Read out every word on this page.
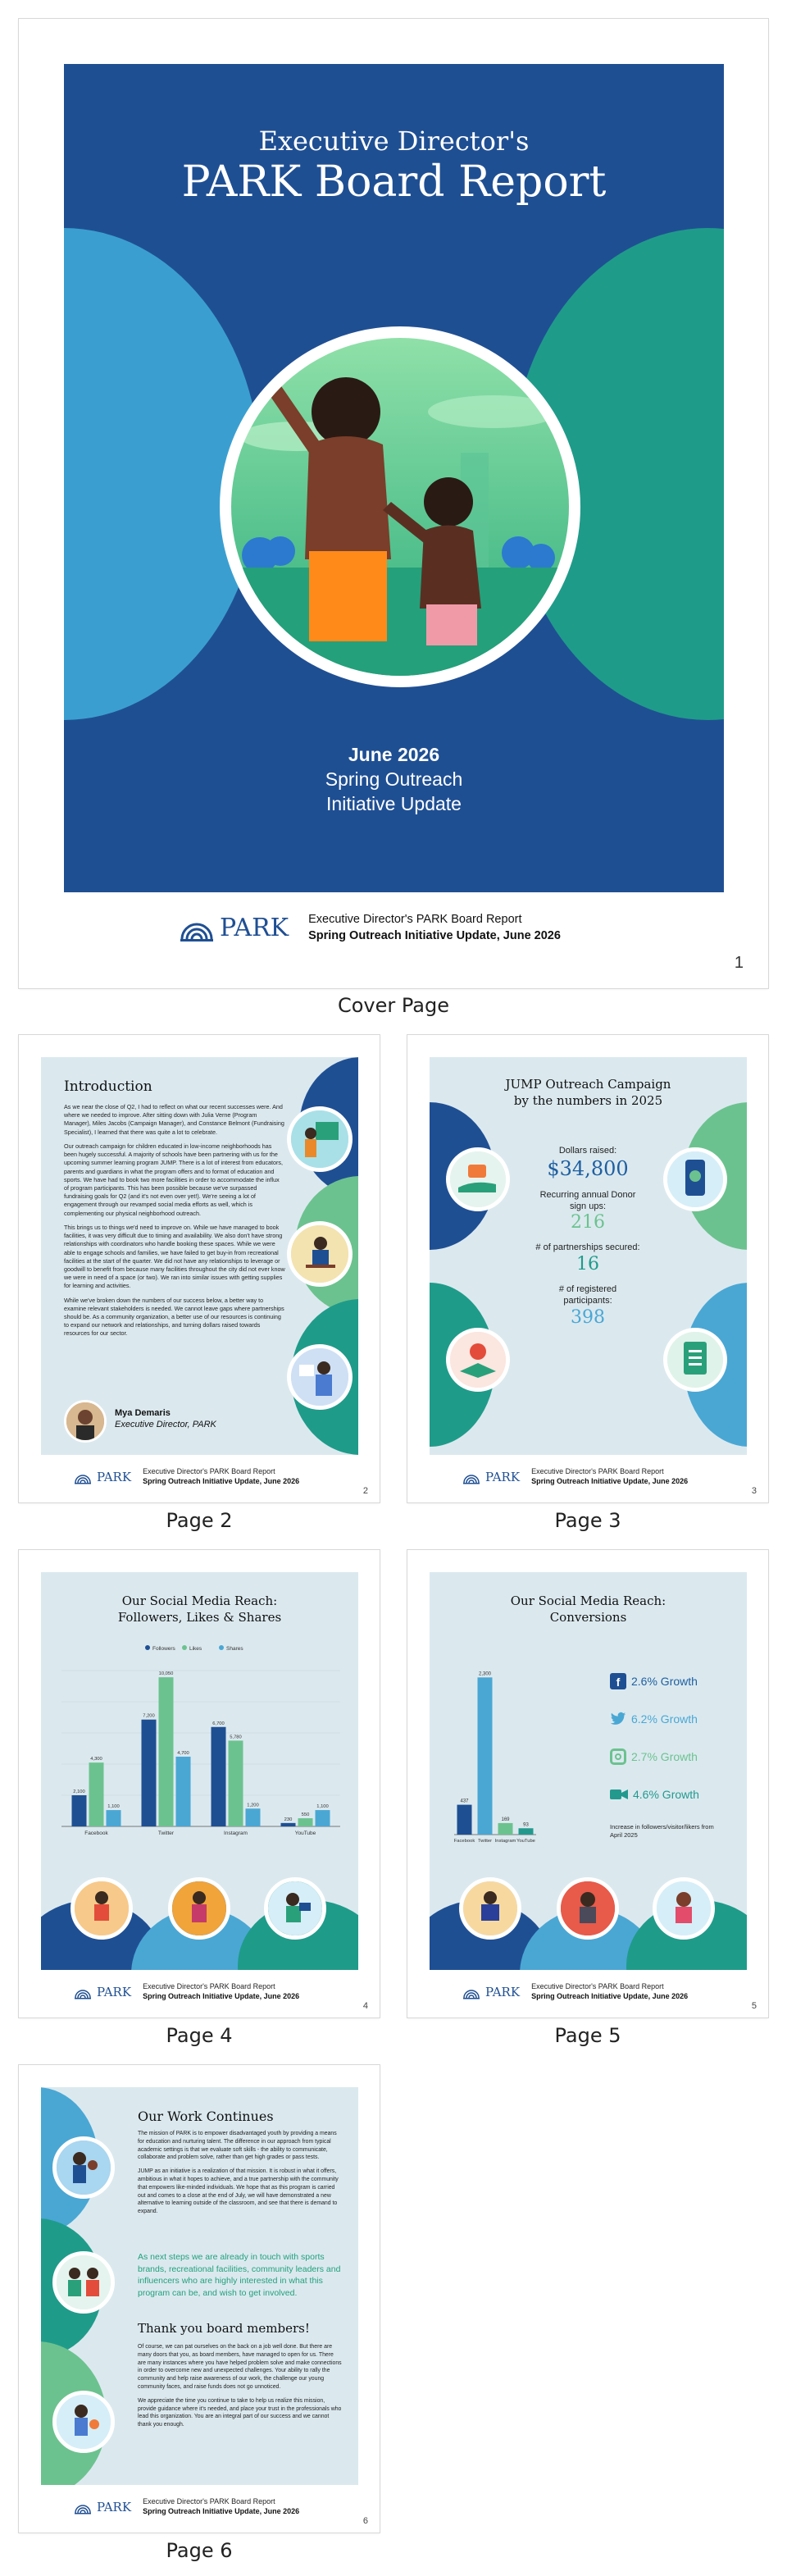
Executive Director's
PARK Board Report
June 2026
Spring Outreach
Initiative Update
PARK Executive Director's PARK Board Report
Spring Outreach Initiative Update, June 2026
1
Cover Page
Introduction

As we near the close of Q2, I had to reflect on what our recent successes were. And where we needed to improve. After sitting down with Julia Verne (Program Manager), Miles Jacobs (Campaign Manager), and Constance Belmont (Fundraising Specialist), I learned that there was quite a lot to celebrate.

Our outreach campaign for children educated in low-income neighborhoods has been hugely successful. A majority of schools have been partnering with us for the upcoming summer learning program JUMP. There is a lot of interest from educators, parents and guardians in what the program offers and to format of education and sports. We have had to book two more facilities in order to accommodate the influx of program participants. This has been possible because we've surpassed fundraising goals for Q2 (and it's not even over yet!). We're seeing a lot of engagement through our revamped social media efforts as well, which is complementing our physical neighborhood outreach.

This brings us to things we'd need to improve on. While we have managed to book facilities, it was very difficult due to timing and availability. We also don't have strong relationships with coordinators who handle booking these spaces. While we were able to engage schools and families, we have failed to get buy-in from recreational facilities at the start of the quarter. We did not have any relationships to leverage or goodwill to benefit from because many facilities throughout the city did not ever know we were in need of a space (or two). We ran into similar issues with getting supplies for learning and activities.

While we've broken down the numbers of our success below, a better way to examine relevant stakeholders is needed. We cannot leave gaps where partnerships should be. As a community organization, a better use of our resources is continuing to expand our network and relationships, and turning dollars raised towards resources for our sector.

Mya Demaris
Executive Director, PARK
PARK Executive Director's PARK Board Report
Spring Outreach Initiative Update, June 2026
2
Page 2
JUMP Outreach Campaign
by the numbers in 2025
Dollars raised:
$34,800
Recurring annual Donor sign ups:
216
# of partnerships secured:
16
# of registered participants:
398
PARK Executive Director's PARK Board Report
Spring Outreach Initiative Update, June 2026
3
Page 3
Our Social Media Reach:
Followers, Likes & Shares
Followers	Likes	Shares
2,100
4,300
1,100
Facebook
7,200
10,050
4,700
Twitter
6,700
5,780
1,200
Instagram
230
550
1,100
YouTube
PARK Executive Director's PARK Board Report
Spring Outreach Initiative Update, June 2026
4
Page 4
Our Social Media Reach:
Conversions
437
Facebook
2,300
Twitter
169
Instagram
93
YouTube
f 2.6% Growth
6.2% Growth
2.7% Growth
4.6% Growth
Increase in followers/visitor/likers from April 2025
PARK Executive Director's PARK Board Report
Spring Outreach Initiative Update, June 2026
5
Page 5
Our Work Continues

The mission of PARK is to empower disadvantaged youth by providing a means for education and nurturing talent. The difference in our approach from typical academic settings is that we evaluate soft skills - the ability to communicate, collaborate and problem solve, rather than get high grades or pass tests.

JUMP as an initiative is a realization of that mission. It is robust in what it offers, ambitious in what it hopes to achieve, and a true partnership with the community that empowers like-minded individuals. We hope that as this program is carried out and comes to a close at the end of July, we will have demonstrated a new alternative to learning outside of the classroom, and see that there is demand to expand.

As next steps we are already in touch with sports brands, recreational facilities, community leaders and influencers who are highly interested in what this program can be, and wish to get involved.
Thank you board members!

Of course, we can pat ourselves on the back on a job well done. But there are many doors that you, as board members, have managed to open for us. There are many instances where you have helped problem solve and make connections in order to overcome new and unexpected challenges. Your ability to rally the community and help raise awareness of our work, the challenge our young community faces, and raise funds does not go unnoticed.

We appreciate the time you continue to take to help us realize this mission, provide guidance where it's needed, and place your trust in the professionals who lead this organization. You are an integral part of our success and we cannot thank you enough.

PARK Executive Director's PARK Board Report
Spring Outreach Initiative Update, June 2026
6
Page 6
